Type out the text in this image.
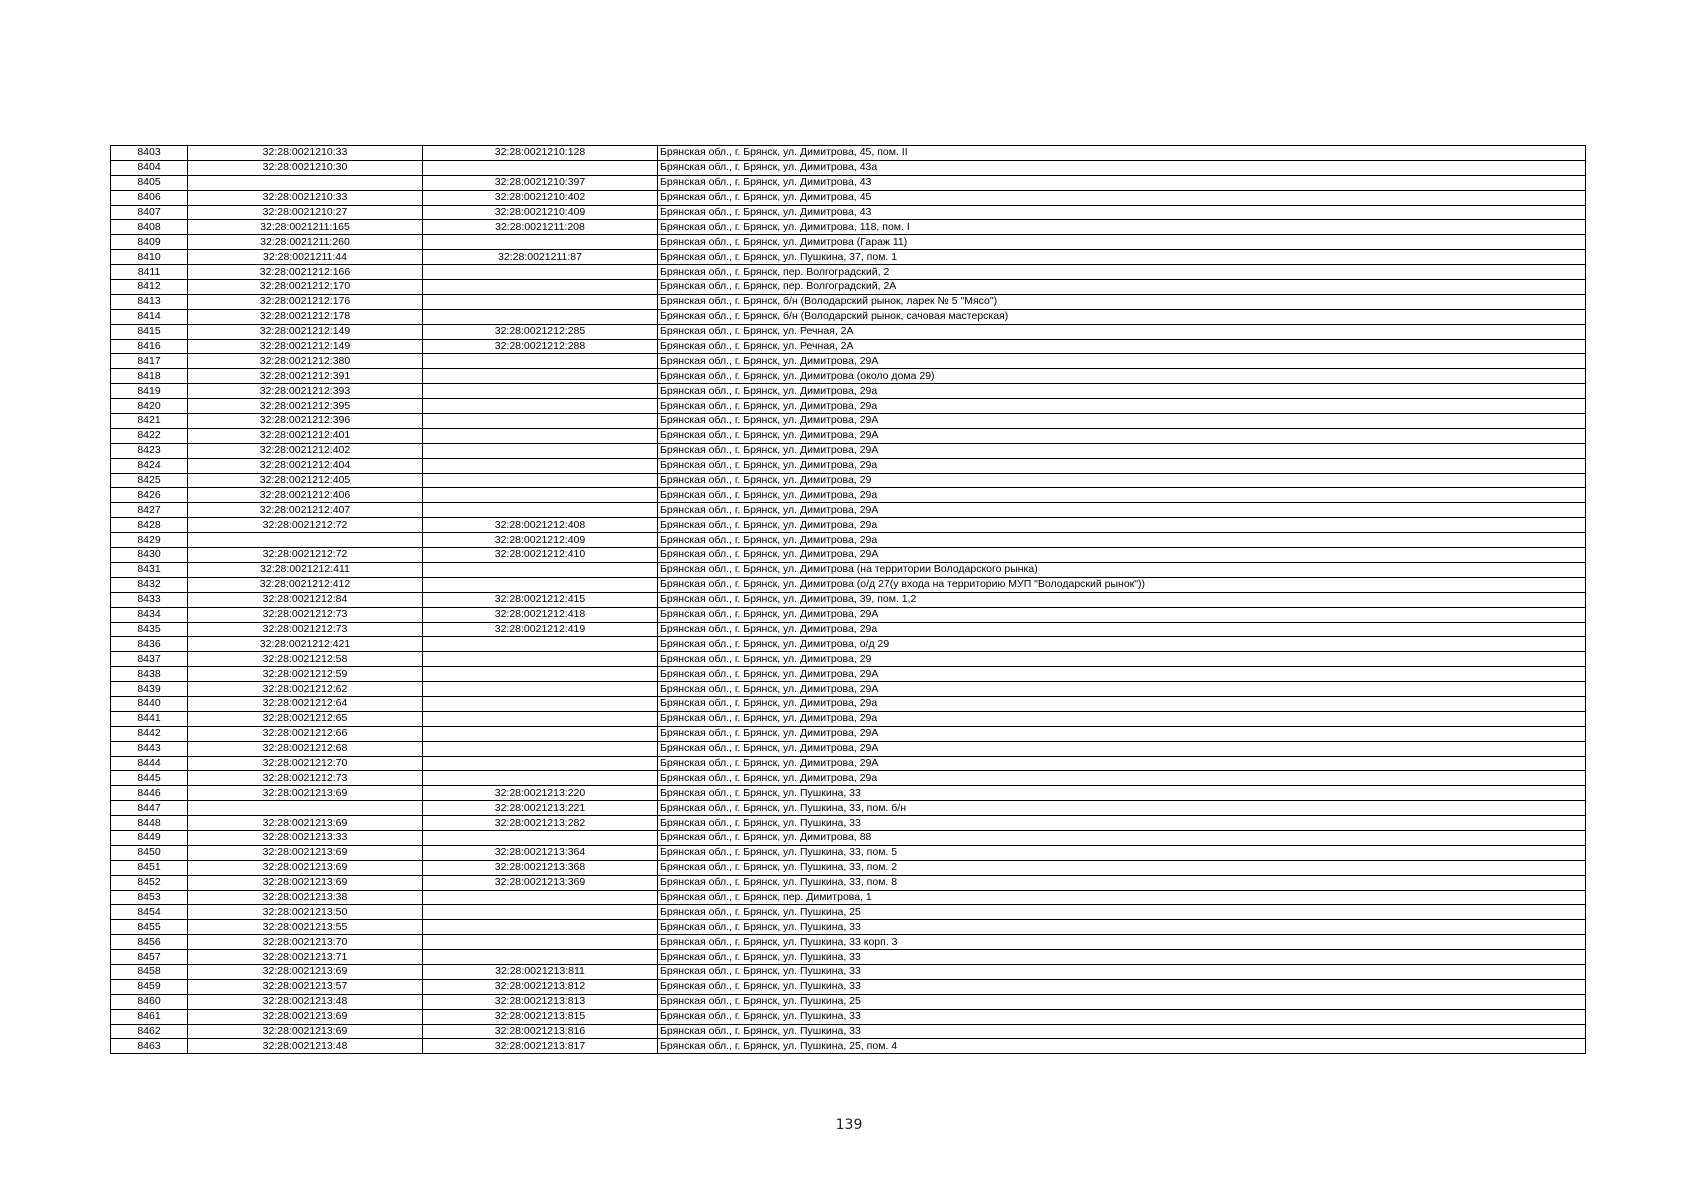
8403	32:28:0021210:33	32:28:0021210:128	Брянская обл., г. Брянск, ул. Димитрова, 45, пом. II
8404	32:28:0021210:30		Брянская обл., г. Брянск, ул. Димитрова, 43а
8405		32:28:0021210:397	Брянская обл., г. Брянск, ул. Димитрова, 43
8406	32:28:0021210:33	32:28:0021210:402	Брянская обл., г. Брянск, ул. Димитрова, 45
8407	32:28:0021210:27	32:28:0021210:409	Брянская обл., г. Брянск, ул. Димитрова, 43
8408	32:28:0021211:165	32:28:0021211:208	Брянская обл., г. Брянск, ул. Димитрова, 118, пом. I
8409	32:28:0021211:260		Брянская обл., г. Брянск, ул. Димитрова (Гараж 11)
8410	32:28:0021211:44	32:28:0021211:87	Брянская обл., г. Брянск, ул. Пушкина, 37, пом. 1
8411	32:28:0021212:166		Брянская обл., г. Брянск, пер. Волгоградский, 2
8412	32:28:0021212:170		Брянская обл., г. Брянск, пер. Волгоградский, 2А
8413	32:28:0021212:176		Брянская обл., г. Брянск, б/н (Володарский рынок, ларек № 5 "Мясо")
8414	32:28:0021212:178		Брянская обл., г. Брянск, б/н (Володарский рынок, сачовая мастерская)
8415	32:28:0021212:149	32:28:0021212:285	Брянская обл., г. Брянск, ул. Речная, 2А
8416	32:28:0021212:149	32:28:0021212:288	Брянская обл., г. Брянск, ул. Речная, 2А
8417	32:28:0021212:380		Брянская обл., г. Брянск, ул. Димитрова, 29А
8418	32:28:0021212:391		Брянская обл., г. Брянск, ул. Димитрова (около дома 29)
8419	32:28:0021212:393		Брянская обл., г. Брянск, ул. Димитрова, 29а
8420	32:28:0021212:395		Брянская обл., г. Брянск, ул. Димитрова, 29а
8421	32:28:0021212:396		Брянская обл., г. Брянск, ул. Димитрова, 29А
8422	32:28:0021212:401		Брянская обл., г. Брянск, ул. Димитрова, 29А
8423	32:28:0021212:402		Брянская обл., г. Брянск, ул. Димитрова, 29А
8424	32:28:0021212:404		Брянская обл., г. Брянск, ул. Димитрова, 29а
8425	32:28:0021212:405		Брянская обл., г. Брянск, ул. Димитрова, 29
8426	32:28:0021212:406		Брянская обл., г. Брянск, ул. Димитрова, 29а
8427	32:28:0021212:407		Брянская обл., г. Брянск, ул. Димитрова, 29А
8428	32:28:0021212:72	32:28:0021212:408	Брянская обл., г. Брянск, ул. Димитрова, 29а
8429		32:28:0021212:409	Брянская обл., г. Брянск, ул. Димитрова, 29а
8430	32:28:0021212:72	32:28:0021212:410	Брянская обл., г. Брянск, ул. Димитрова, 29А
8431	32:28:0021212:411		Брянская обл., г. Брянск, ул. Димитрова (на территории Володарского рынка)
8432	32:28:0021212:412		Брянская обл., г. Брянск, ул. Димитрова (о/д 27(у входа на территорию МУП "Володарский рынок"))
8433	32:28:0021212:84	32:28:0021212:415	Брянская обл., г. Брянск, ул. Димитрова, 39, пом. 1,2
8434	32:28:0021212:73	32:28:0021212:418	Брянская обл., г. Брянск, ул. Димитрова, 29А
8435	32:28:0021212:73	32:28:0021212:419	Брянская обл., г. Брянск, ул. Димитрова, 29а
8436	32:28:0021212:421		Брянская обл., г. Брянск, ул. Димитрова, о/д 29
8437	32:28:0021212:58		Брянская обл., г. Брянск, ул. Димитрова, 29
8438	32:28:0021212:59		Брянская обл., г. Брянск, ул. Димитрова, 29А
8439	32:28:0021212:62		Брянская обл., г. Брянск, ул. Димитрова, 29А
8440	32:28:0021212:64		Брянская обл., г. Брянск, ул. Димитрова, 29а
8441	32:28:0021212:65		Брянская обл., г. Брянск, ул. Димитрова, 29а
8442	32:28:0021212:66		Брянская обл., г. Брянск, ул. Димитрова, 29А
8443	32:28:0021212:68		Брянская обл., г. Брянск, ул. Димитрова, 29А
8444	32:28:0021212:70		Брянская обл., г. Брянск, ул. Димитрова, 29А
8445	32:28:0021212:73		Брянская обл., г. Брянск, ул. Димитрова, 29а
8446	32:28:0021213:69	32:28:0021213:220	Брянская обл., г. Брянск, ул. Пушкина, 33
8447		32:28:0021213:221	Брянская обл., г. Брянск, ул. Пушкина, 33, пом. б/н
8448	32:28:0021213:69	32:28:0021213:282	Брянская обл., г. Брянск, ул. Пушкина, 33
8449	32:28:0021213:33		Брянская обл., г. Брянск, ул. Димитрова, 88
8450	32:28:0021213:69	32:28:0021213:364	Брянская обл., г. Брянск, ул. Пушкина, 33, пом. 5
8451	32:28:0021213:69	32:28:0021213:368	Брянская обл., г. Брянск, ул. Пушкина, 33, пом. 2
8452	32:28:0021213:69	32:28:0021213:369	Брянская обл., г. Брянск, ул. Пушкина, 33, пом. 8
8453	32:28:0021213:38		Брянская обл., г. Брянск, пер. Димитрова, 1
8454	32:28:0021213:50		Брянская обл., г. Брянск, ул. Пушкина, 25
8455	32:28:0021213:55		Брянская обл., г. Брянск, ул. Пушкина, 33
8456	32:28:0021213:70		Брянская обл., г. Брянск, ул. Пушкина, 33 корп. 3
8457	32:28:0021213:71		Брянская обл., г. Брянск, ул. Пушкина, 33
8458	32:28:0021213:69	32:28:0021213:811	Брянская обл., г. Брянск, ул. Пушкина, 33
8459	32:28:0021213:57	32:28:0021213:812	Брянская обл., г. Брянск, ул. Пушкина, 33
8460	32:28:0021213:48	32:28:0021213:813	Брянская обл., г. Брянск, ул. Пушкина, 25
8461	32:28:0021213:69	32:28:0021213:815	Брянская обл., г. Брянск, ул. Пушкина, 33
8462	32:28:0021213:69	32:28:0021213:816	Брянская обл., г. Брянск, ул. Пушкина, 33
8463	32:28:0021213:48	32:28:0021213:817	Брянская обл., г. Брянск, ул. Пушкина, 25, пом. 4
139
